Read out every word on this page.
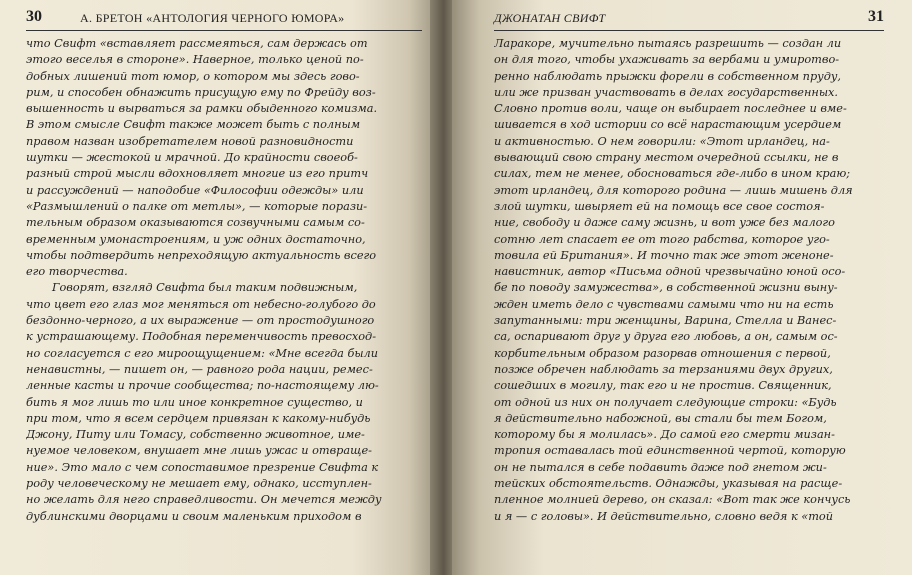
30	А. БРЕТОН «АНТОЛОГИЯ ЧЕРНОГО ЮМОРА»

что Свифт «вставляет рассмеяться, сам держась от

этого веселья в стороне». Наверное, только ценой по-

добных лишений тот юмор, о котором мы здесь гово-

рим, и способен обнажить присущую ему по Фрейду воз-

вышенность и вырваться за рамки обыденного комизма.

В этом смысле Свифт также может быть с полным

правом назван изобретателем новой разновидности

шутки — жестокой и мрачной. До крайности своеоб-

разный строй мысли вдохновляет многие из его притч

и рассуждений — наподобие «Философии одежды» или

«Размышлений о палке от метлы», — которые порази-

тельным образом оказываются созвучными самым со-

временным умонастроениям, и уж одних достаточно,

чтобы подтвердить непреходящую актуальность всего

его творчества.

Говорят, взгляд Свифта был таким подвижным,

что цвет его глаз мог меняться от небесно-голубого до

бездонно-черного, а их выражение — от простодушного

к устрашающему. Подобная переменчивость превосход-

но согласуется с его мироощущением: «Мне всегда были

ненавистны, — пишет он, — равного рода нации, ремес-

ленные касты и прочие сообщества; по-настоящему лю-

бить я мог лишь то или иное конкретное существо, и

при том, что я всем сердцем привязан к какому-нибудь

Джону, Питу или Томасу, собственно животное, име-

нуемое человеком, внушает мне лишь ужас и отвраще-

ние». Это мало с чем сопоставимое презрение Свифта к

роду человеческому не мешает ему, однако, исступлен-

но желать для него справедливости. Он мечется между

дублинскими дворцами и своим маленьким приходом в

ДЖОНАТАН СВИФТ	31

Ларакоре, мучительно пытаясь разрешить — создан ли

он для того, чтобы ухаживать за вербами и умиротво-

ренно наблюдать прыжки форели в собственном пруду,

или же призван участвовать в делах государственных.

Словно против воли, чаще он выбирает последнее и вме-

шивается в ход истории со всё нарастающим усердием

и активностью. О нем говорили: «Этот ирландец, на-

вывающий свою страну местом очередной ссылки, не в

силах, тем не менее, обосноваться где-либо в ином краю;

этот ирландец, для которого родина — лишь мишень для

злой шутки, швыряет ей на помощь все свое состоя-

ние, свободу и даже саму жизнь, и вот уже без малого

сотню лет спасает ее от того рабства, которое уго-

товила ей Британия». И точно так же этот женоне-

навистник, автор «Письма одной чрезвычайно юной осо-

бе по поводу замужества», в собственной жизни выну-

жден иметь дело с чувствами самыми что ни на есть

запутанными: три женщины, Варина, Стелла и Ванес-

са, оспаривают друг у друга его любовь, а он, самым ос-

корбительным образом разорвав отношения с первой,

позже обречен наблюдать за терзаниями двух других,

сошедших в могилу, так его и не простив. Священник,

от одной из них он получает следующие строки: «Будь

я действительно набожной, вы стали бы тем Богом,

которому бы я молилась». До самой его смерти мизан-

тропия оставалась той единственной чертой, которую

он не пытался в себе подавить даже под гнетом жи-

тейских обстоятельств. Однажды, указывая на расще-

пленное молнией дерево, он сказал: «Вот так же кончусь

и я — с головы». И действительно, словно ведя к «той
